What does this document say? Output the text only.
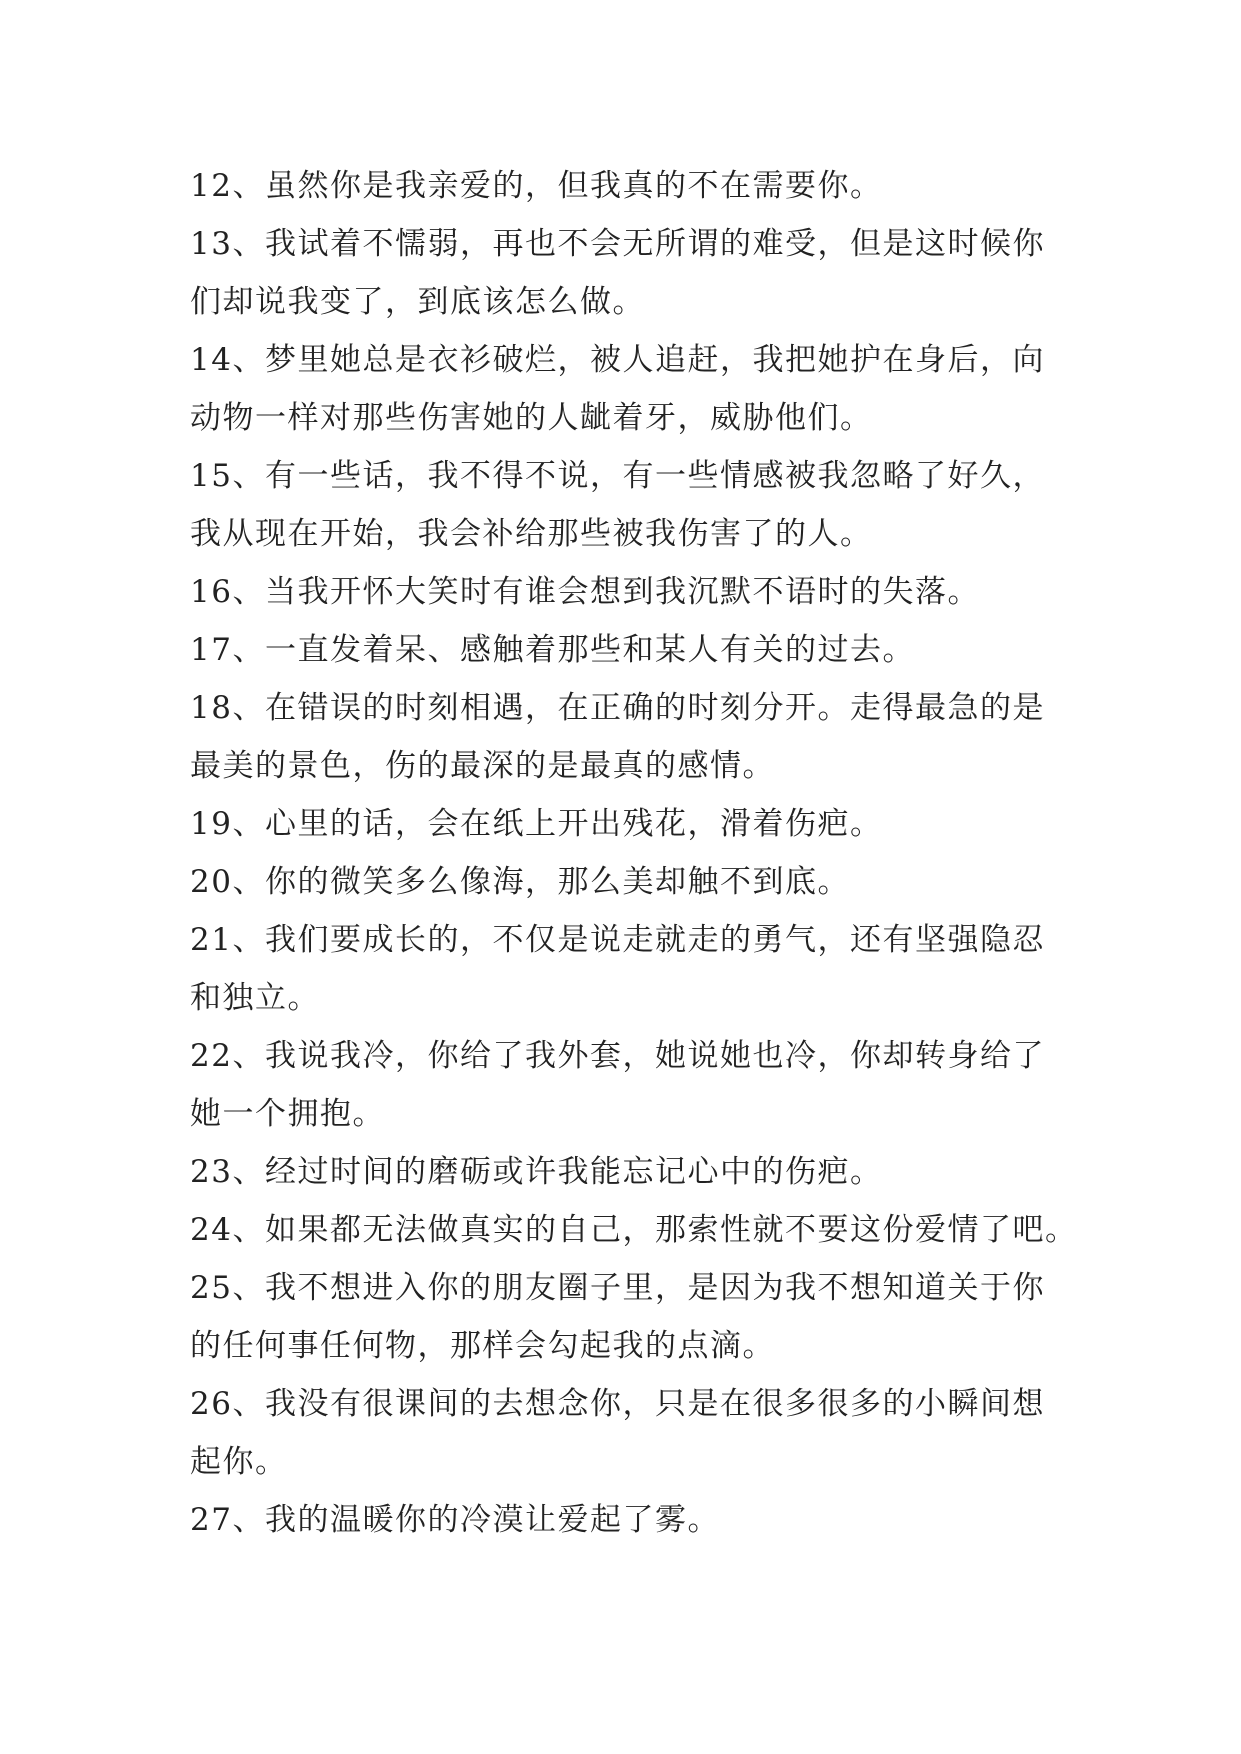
12、虽然你是我亲爱的，但我真的不在需要你。
13、我试着不懦弱，再也不会无所谓的难受，但是这时候你
们却说我变了，到底该怎么做。
14、梦里她总是衣衫破烂，被人追赶，我把她护在身后，向
动物一样对那些伤害她的人龇着牙，威胁他们。
15、有一些话，我不得不说，有一些情感被我忽略了好久，
我从现在开始，我会补给那些被我伤害了的人。
16、当我开怀大笑时有谁会想到我沉默不语时的失落。
17、一直发着呆、感触着那些和某人有关的过去。
18、在错误的时刻相遇，在正确的时刻分开。走得最急的是
最美的景色，伤的最深的是最真的感情。
19、心里的话，会在纸上开出残花，滑着伤疤。
20、你的微笑多么像海，那么美却触不到底。
21、我们要成长的，不仅是说走就走的勇气，还有坚强隐忍
和独立。
22、我说我冷，你给了我外套，她说她也冷，你却转身给了
她一个拥抱。
23、经过时间的磨砺或许我能忘记心中的伤疤。
24、如果都无法做真实的自己，那索性就不要这份爱情了吧。
25、我不想进入你的朋友圈子里，是因为我不想知道关于你
的任何事任何物，那样会勾起我的点滴。
26、我没有很课间的去想念你，只是在很多很多的小瞬间想
起你。
27、我的温暖你的冷漠让爱起了雾。
